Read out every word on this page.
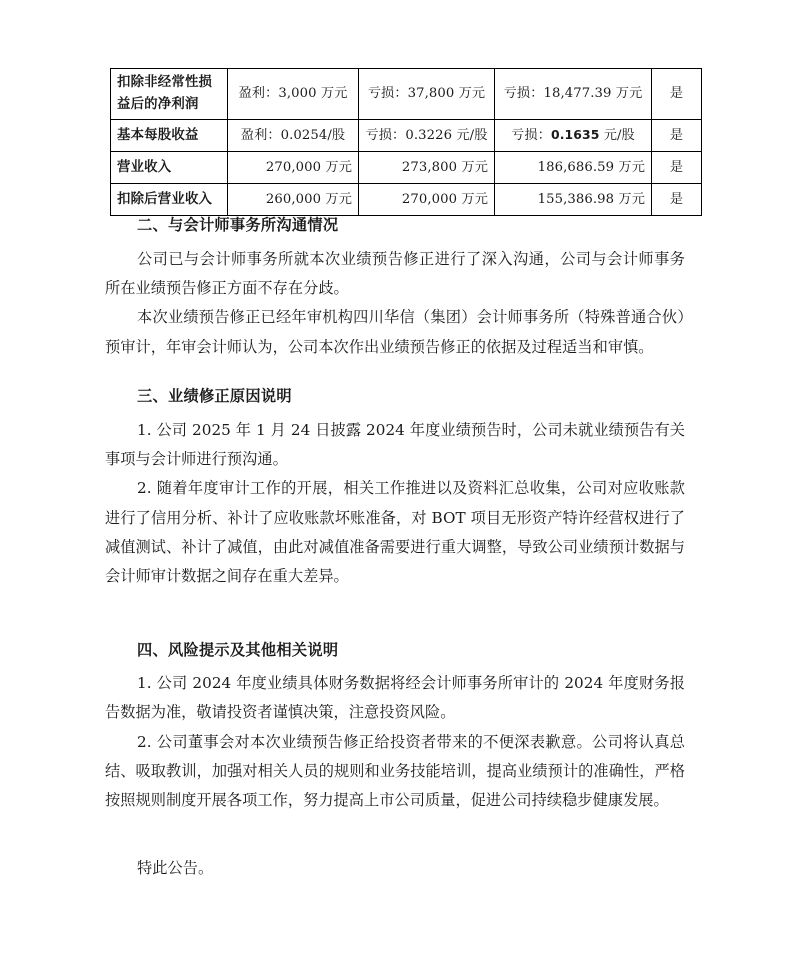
扣除非经常性损益后的净利润	盈利：3,000 万元	亏损：37,800 万元	亏损：18,477.39 万元	是
基本每股收益	盈利：0.0254/股	亏损：0.3226 元/股	亏损：0.1635 元/股	是
营业收入	270,000 万元	273,800 万元	186,686.59 万元	是
扣除后营业收入	260,000 万元	270,000 万元	155,386.98 万元	是
二、与会计师事务所沟通情况

公司已与会计师事务所就本次业绩预告修正进行了深入沟通，公司与会计师事务所在业绩预告修正方面不存在分歧。

本次业绩预告修正已经年审机构四川华信（集团）会计师事务所（特殊普通合伙）预审计，年审会计师认为，公司本次作出业绩预告修正的依据及过程适当和审慎。

三、业绩修正原因说明

1. 公司 2025 年 1 月 24 日披露 2024 年度业绩预告时，公司未就业绩预告有关事项与会计师进行预沟通。

2. 随着年度审计工作的开展，相关工作推进以及资料汇总收集，公司对应收账款进行了信用分析、补计了应收账款坏账准备，对 BOT 项目无形资产特许经营权进行了减值测试、补计了减值，由此对减值准备需要进行重大调整，导致公司业绩预计数据与会计师审计数据之间存在重大差异。

四、风险提示及其他相关说明

1. 公司 2024 年度业绩具体财务数据将经会计师事务所审计的 2024 年度财务报告数据为准，敬请投资者谨慎决策，注意投资风险。

2. 公司董事会对本次业绩预告修正给投资者带来的不便深表歉意。公司将认真总结、吸取教训，加强对相关人员的规则和业务技能培训，提高业绩预计的准确性，严格按照规则制度开展各项工作，努力提高上市公司质量，促进公司持续稳步健康发展。

特此公告。
